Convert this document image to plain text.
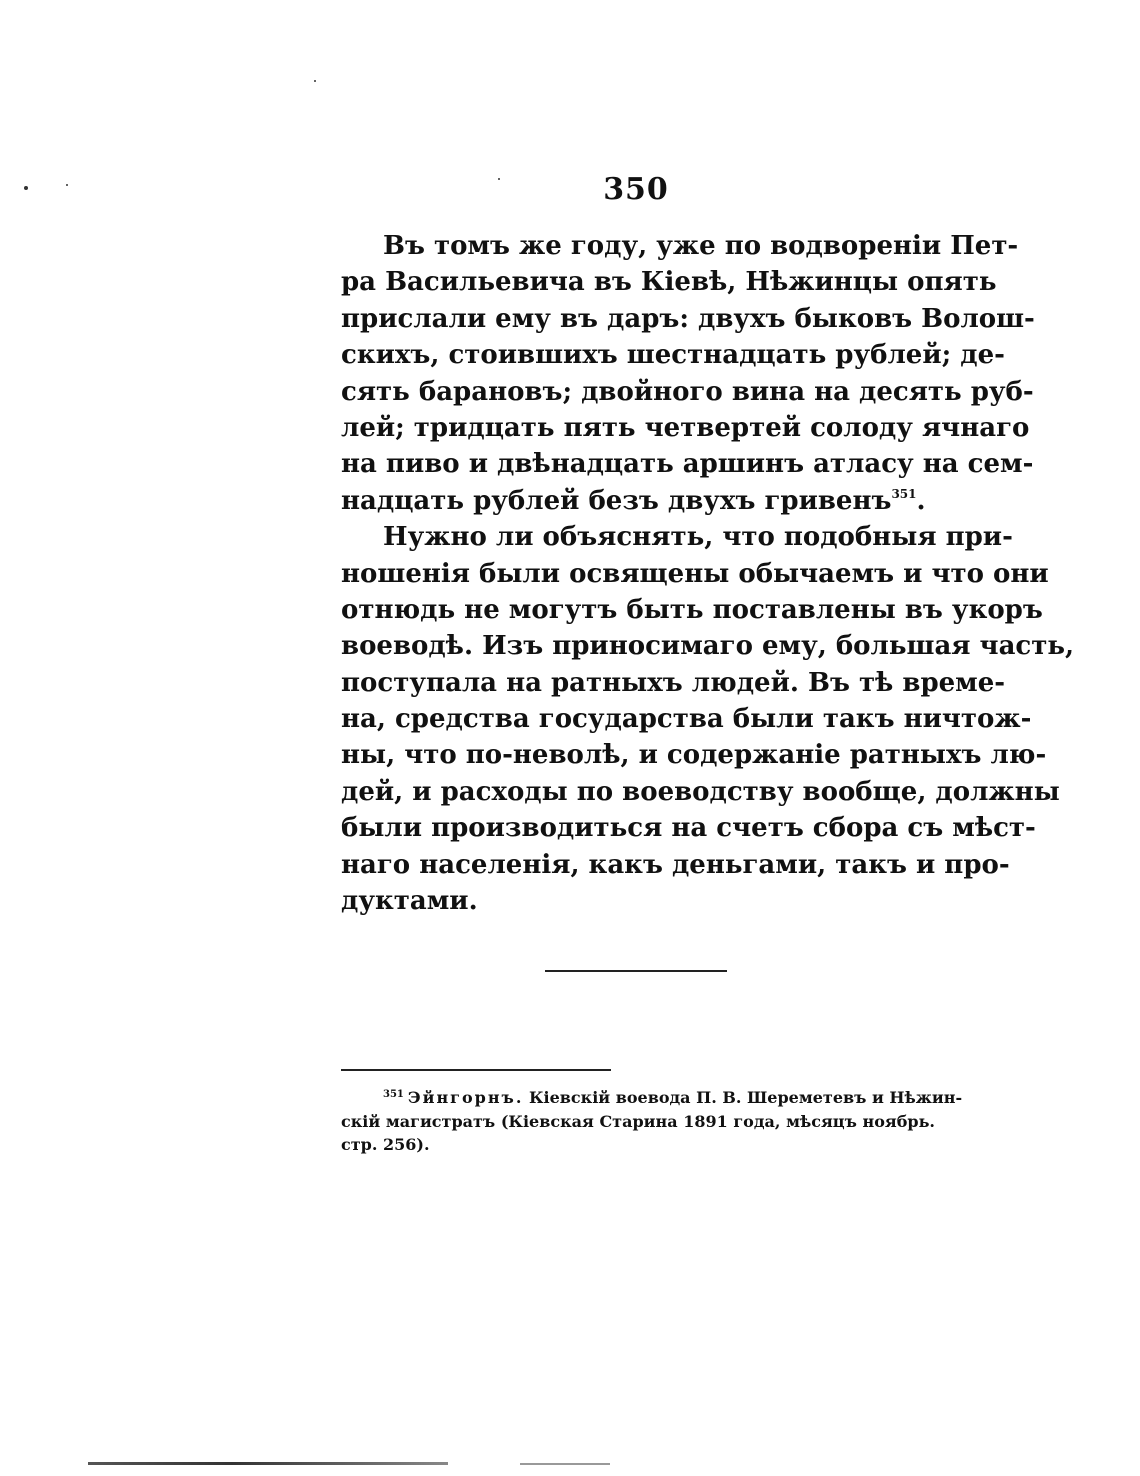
350
Въ томъ же году, уже по водвореніи Пет-
ра Васильевича въ Кіевѣ, Нѣжинцы опять
прислали ему въ даръ: двухъ быковъ Волош-
скихъ, стоившихъ шестнадцать рублей; де-
сять барановъ; двойного вина на десять руб-
лей; тридцать пять четвертей солоду ячнаго
на пиво и двѣнадцать аршинъ атласу на сем-
надцать рублей безъ двухъ гривенъ$^{351}$.
Нужно ли объяснять, что подобныя при-
ношенія были освящены обычаемъ и что они
отнюдь не могутъ быть поставлены въ укоръ
воеводѣ. Изъ приносимаго ему, большая часть,
поступала на ратныхъ людей. Въ тѣ време-
на, средства государства были такъ ничтож-
ны, что по-неволѣ, и содержаніе ратныхъ лю-
дей, и расходы по воеводству вообще, должны
были производиться на счетъ сбора съ мѣст-
наго населенія, какъ деньгами, такъ и про-
дуктами.
$^{351}$ Эйнгорнъ. Кіевскій воевода П. В. Шереметевъ и Нѣжин-
скій магистратъ (Кіевская Старина 1891 года, мѣсяцъ ноябрь.
стр. 256).
